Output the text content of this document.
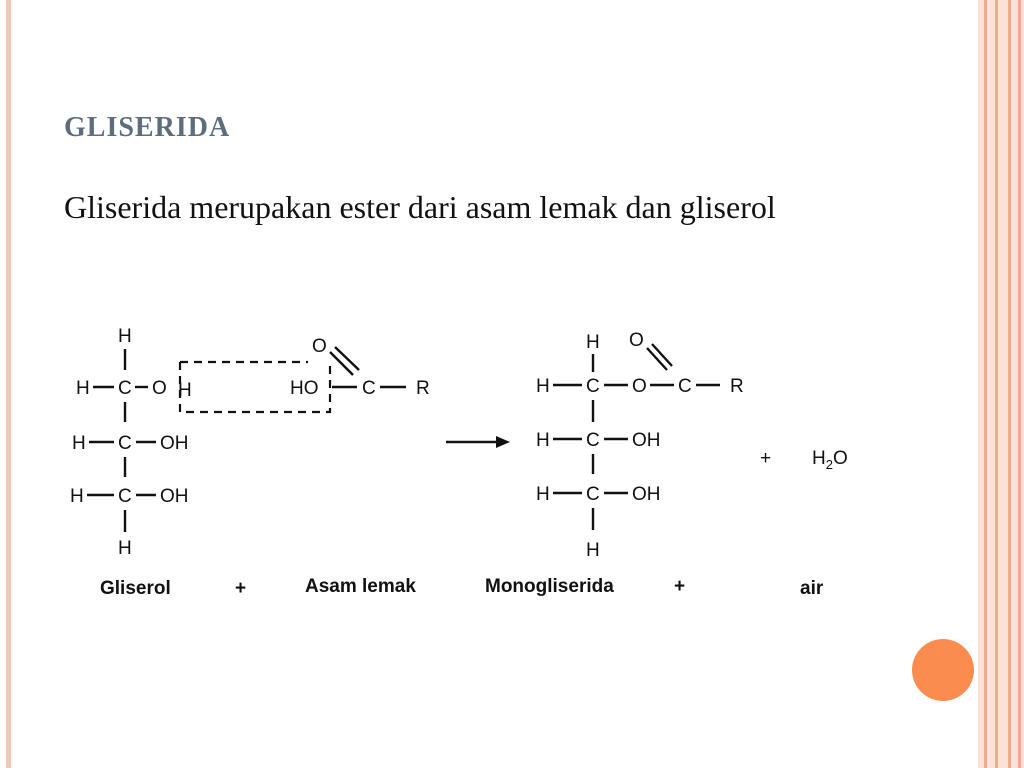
GLISERIDA
Gliserida merupakan ester dari asam lemak dan gliserol
H
H C O H
H C OH
H C OH
H
O
HO C R
H O
H C O C R
H C OH
H C OH
H
+ $H_2O$
Gliserol	+	Asam lemak	Monogliserida	+	air
